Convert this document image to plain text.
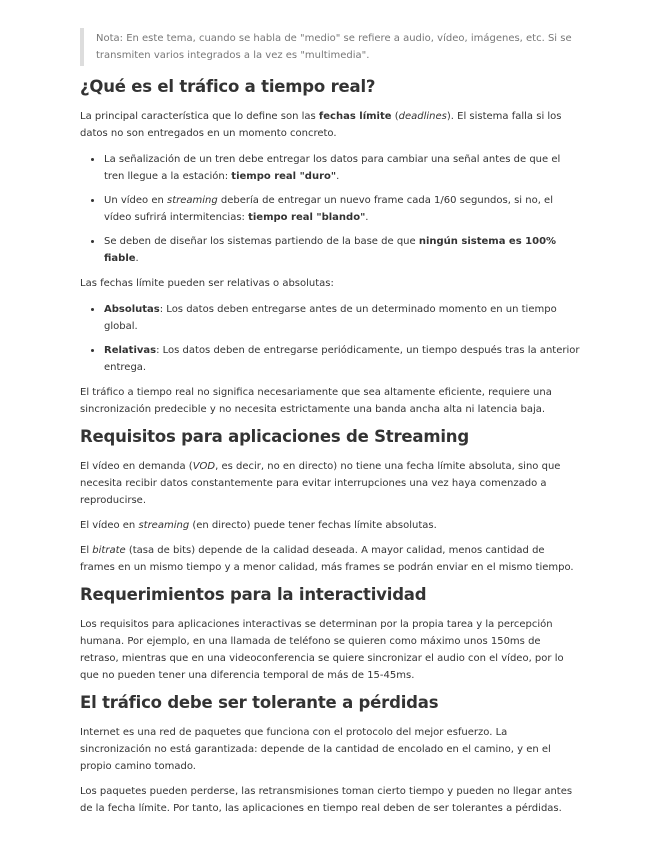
Nota: En este tema, cuando se habla de "medio" se refiere a audio, vídeo, imágenes, etc. Si se transmiten varios integrados a la vez es "multimedia".
¿Qué es el tráfico a tiempo real?

La principal característica que lo define son las fechas límite (deadlines). El sistema falla si los datos no son entregados en un momento concreto.

• La señalización de un tren debe entregar los datos para cambiar una señal antes de que el tren llegue a la estación: tiempo real "duro".
• Un vídeo en streaming debería de entregar un nuevo frame cada 1/60 segundos, si no, el vídeo sufrirá intermitencias: tiempo real "blando".
• Se deben de diseñar los sistemas partiendo de la base de que ningún sistema es 100% fiable.

Las fechas límite pueden ser relativas o absolutas:

• Absolutas: Los datos deben entregarse antes de un determinado momento en un tiempo global.
• Relativas: Los datos deben de entregarse periódicamente, un tiempo después tras la anterior entrega.

El tráfico a tiempo real no significa necesariamente que sea altamente eficiente, requiere una sincronización predecible y no necesita estrictamente una banda ancha alta ni latencia baja.

Requisitos para aplicaciones de Streaming

El vídeo en demanda (VOD, es decir, no en directo) no tiene una fecha límite absoluta, sino que necesita recibir datos constantemente para evitar interrupciones una vez haya comenzado a reproducirse.

El vídeo en streaming (en directo) puede tener fechas límite absolutas.

El bitrate (tasa de bits) depende de la calidad deseada. A mayor calidad, menos cantidad de frames en un mismo tiempo y a menor calidad, más frames se podrán enviar en el mismo tiempo.

Requerimientos para la interactividad

Los requisitos para aplicaciones interactivas se determinan por la propia tarea y la percepción humana. Por ejemplo, en una llamada de teléfono se quieren como máximo unos 150ms de retraso, mientras que en una videoconferencia se quiere sincronizar el audio con el vídeo, por lo que no pueden tener una diferencia temporal de más de 15-45ms.

El tráfico debe ser tolerante a pérdidas

Internet es una red de paquetes que funciona con el protocolo del mejor esfuerzo. La sincronización no está garantizada: depende de la cantidad de encolado en el camino, y en el propio camino tomado.

Los paquetes pueden perderse, las retransmisiones toman cierto tiempo y pueden no llegar antes de la fecha límite. Por tanto, las aplicaciones en tiempo real deben de ser tolerantes a pérdidas.
